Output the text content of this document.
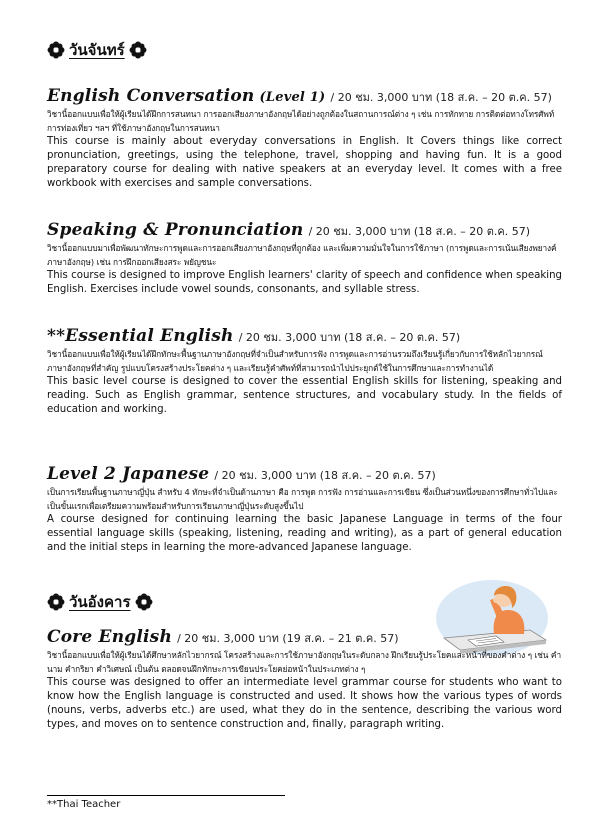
วันจันทร์
English Conversation (Level 1) / 20 ชม. 3,000 บาท (18 ส.ค. – 20 ต.ค. 57)
วิชานี้ออกแบบเพื่อให้ผู้เรียนได้ฝึกการสนทนา การออกเสียงภาษาอังกฤษได้อย่างถูกต้องในสถานการณ์ต่าง ๆ เช่น การทักทาย การติดต่อทางโทรศัพท์ การท่องเที่ยว ฯลฯ ที่ใช้ภาษาอังกฤษในการสนทนา
This course is mainly about everyday conversations in English. It Covers things like correct pronunciation, greetings, using the telephone, travel, shopping and having fun. It is a good preparatory course for dealing with native speakers at an everyday level. It comes with a free workbook with exercises and sample conversations.
Speaking & Pronunciation / 20 ชม. 3,000 บาท (18 ส.ค. – 20 ต.ค. 57)
วิชานี้ออกแบบมาเพื่อพัฒนาทักษะการพูดและการออกเสียงภาษาอังกฤษที่ถูกต้อง และเพิ่มความมั่นใจในการใช้ภาษา (การพูดและการเน้นเสียงพยางค์ภาษาอังกฤษ) เช่น การฝึกออกเสียงสระ พยัญชนะ
This course is designed to improve English learners' clarity of speech and confidence when speaking English. Exercises include vowel sounds, consonants, and syllable stress.
**Essential English / 20 ชม. 3,000 บาท (18 ส.ค. – 20 ต.ค. 57)
วิชานี้ออกแบบเพื่อให้ผู้เรียนได้ฝึกทักษะพื้นฐานภาษาอังกฤษที่จำเป็นสำหรับการฟัง การพูดและการอ่านรวมถึงเรียนรู้เกี่ยวกับการใช้หลักไวยากรณ์ภาษาอังกฤษที่สำคัญ รูปแบบโครงสร้างประโยคต่าง ๆ และเรียนรู้คำศัพท์ที่สามารถนำไปประยุกต์ใช้ในการศึกษาและการทำงานได้
This basic level course is designed to cover the essential English skills for listening, speaking and reading. Such as English grammar, sentence structures, and vocabulary study. In the fields of education and working.
Level 2 Japanese / 20 ชม. 3,000 บาท (18 ส.ค. – 20 ต.ค. 57)
เป็นการเรียนพื้นฐานภาษาญี่ปุ่น สำหรับ 4 ทักษะที่จำเป็นด้านภาษา คือ การพูด การฟัง การอ่านและการเขียน ซึ่งเป็นส่วนหนึ่งของการศึกษาทั่วไปและเป็นขั้นแรกเพื่อเตรียมความพร้อมสำหรับการเรียนภาษาญี่ปุ่นระดับสูงขึ้นไป
A course designed for continuing learning the basic Japanese Language in terms of the four essential language skills (speaking, listening, reading and writing), as a part of general education and the initial steps in learning the more-advanced Japanese language.
วันอังคาร
Core English / 20 ชม. 3,000 บาท (19 ส.ค. – 21 ต.ค. 57)
วิชานี้ออกแบบเพื่อให้ผู้เรียนได้ศึกษาหลักไวยากรณ์ โครงสร้างและการใช้ภาษาอังกฤษในระดับกลาง ฝึกเรียนรู้ประโยคและหน้าที่ของคำต่าง ๆ เช่น คำนาม คำกริยา คำวิเศษณ์ เป็นต้น ตลอดจนฝึกทักษะการเขียนประโยคย่อหน้าในประเภทต่าง ๆ
This course was designed to offer an intermediate level grammar course for students who want to know how the English language is constructed and used. It shows how the various types of words (nouns, verbs, adverbs etc.) are used, what they do in the sentence, describing the various word types, and moves on to sentence construction and, finally, paragraph writing.
**Thai Teacher
